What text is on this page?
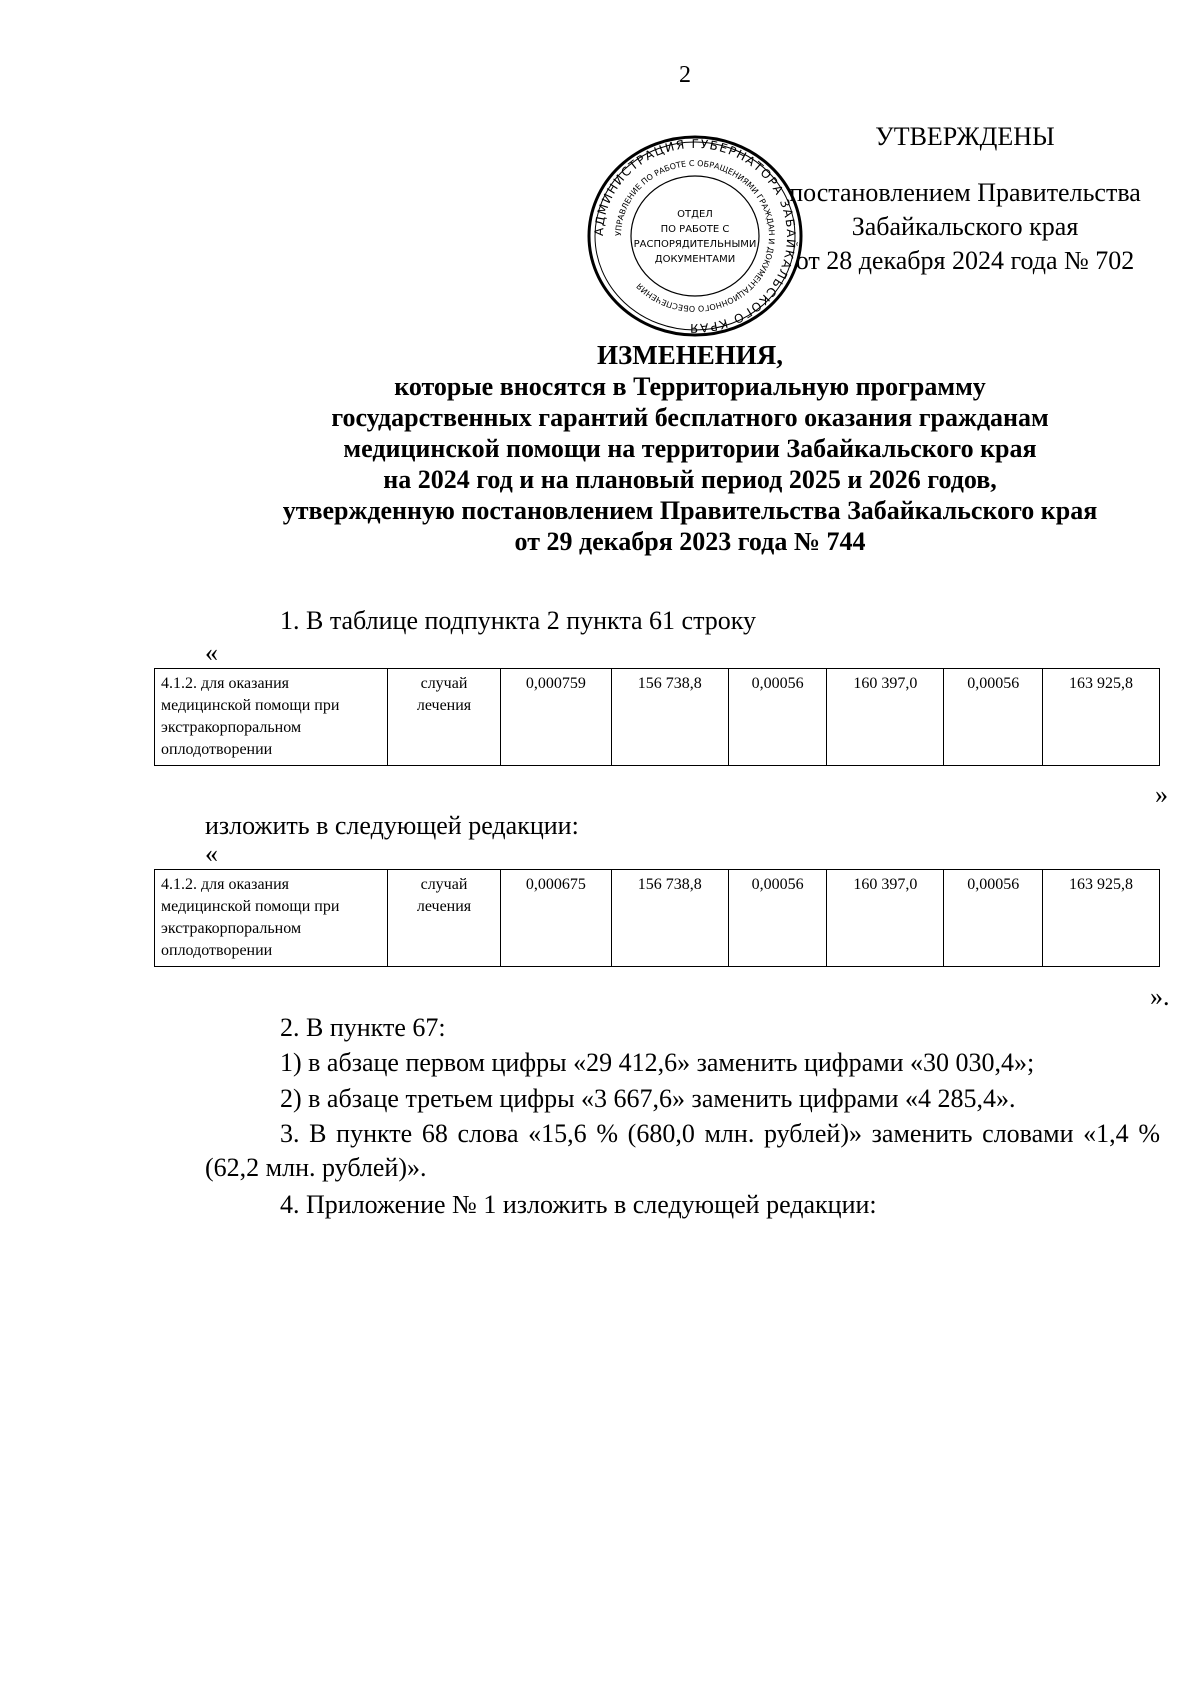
2
АДМИНИСТРАЦИЯ ГУБЕРНАТОРА ЗАБАЙКАЛЬСКОГО КРАЯ
УПРАВЛЕНИЕ ПО РАБОТЕ С ОБРАЩЕНИЯМИ ГРАЖДАН И ДОКУМЕНТАЦИОННОГО ОБЕСПЕЧЕНИЯ
ОТДЕЛ
ПО РАБОТЕ С
РАСПОРЯДИТЕЛЬНЫМИ
ДОКУМЕНТАМИ
УТВЕРЖДЕНЫ
постановлением Правительства
Забайкальского края
от 28 декабря 2024 года № 702
ИЗМЕНЕНИЯ,
которые вносятся в Территориальную программу
государственных гарантий бесплатного оказания гражданам
медицинской помощи на территории Забайкальского края
на 2024 год и на плановый период 2025 и 2026 годов,
утвержденную постановлением Правительства Забайкальского края
от 29 декабря 2023 года № 744
1. В таблице подпункта 2 пункта 61 строку
«
4.1.2. для оказания медицинской помощи при экстракорпоральном оплодотворении	случай лечения	0,000759	156 738,8	0,00056	160 397,0	0,00056	163 925,8
»
изложить в следующей редакции:
«
4.1.2. для оказания медицинской помощи при экстракорпоральном оплодотворении	случай лечения	0,000675	156 738,8	0,00056	160 397,0	0,00056	163 925,8
».
2. В пункте 67:
1) в абзаце первом цифры «29 412,6» заменить цифрами «30 030,4»;
2) в абзаце третьем цифры «3 667,6» заменить цифрами «4 285,4».
3. В пункте 68 слова «15,6 % (680,0 млн. рублей)» заменить словами «1,4 % (62,2 млн. рублей)».
4. Приложение № 1 изложить в следующей редакции:
